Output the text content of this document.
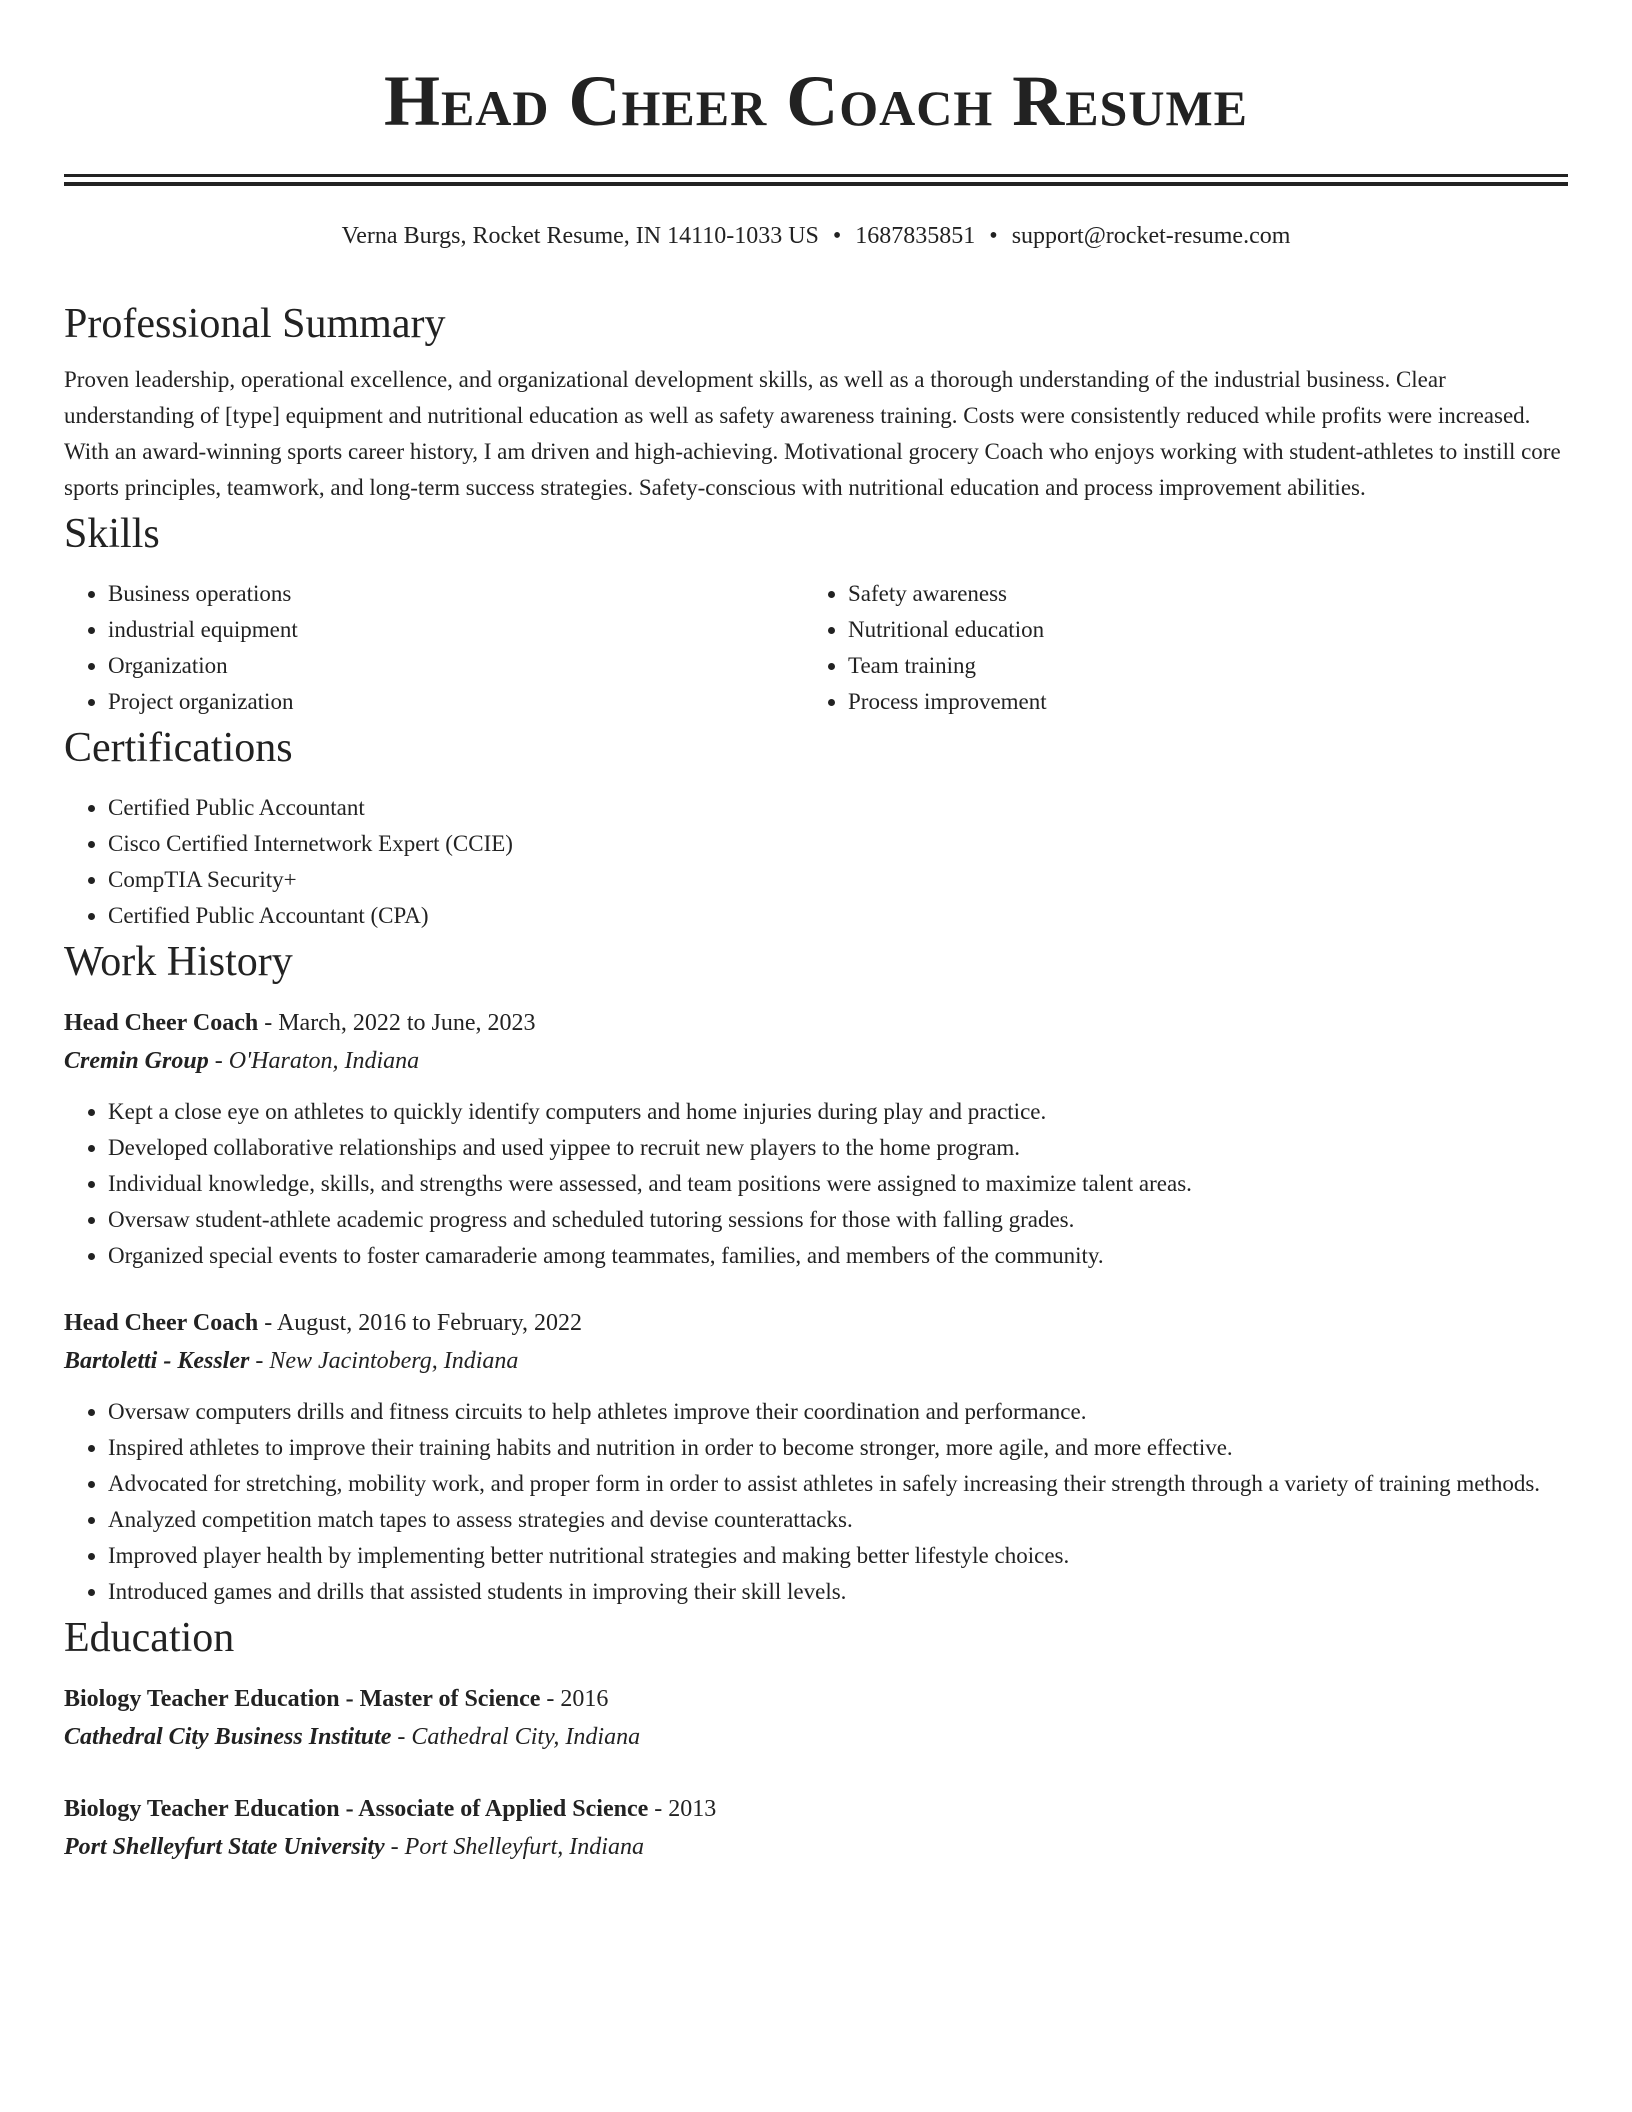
Head Cheer Coach Resume
Verna Burgs, Rocket Resume, IN 14110-1033 US • 1687835851 • support@rocket-resume.com
Professional Summary
Proven leadership, operational excellence, and organizational development skills, as well as a thorough understanding of the industrial business. Clear understanding of [type] equipment and nutritional education as well as safety awareness training. Costs were consistently reduced while profits were increased. With an award-winning sports career history, I am driven and high-achieving. Motivational grocery Coach who enjoys working with student-athletes to instill core sports principles, teamwork, and long-term success strategies. Safety-conscious with nutritional education and process improvement abilities.
Skills
• Business operations
• industrial equipment
• Organization
• Project organization
• Safety awareness
• Nutritional education
• Team training
• Process improvement
Certifications
• Certified Public Accountant
• Cisco Certified Internetwork Expert (CCIE)
• CompTIA Security+
• Certified Public Accountant (CPA)
Work History
Head Cheer Coach - March, 2022 to June, 2023
Cremin Group - O'Haraton, Indiana
• Kept a close eye on athletes to quickly identify computers and home injuries during play and practice.
• Developed collaborative relationships and used yippee to recruit new players to the home program.
• Individual knowledge, skills, and strengths were assessed, and team positions were assigned to maximize talent areas.
• Oversaw student-athlete academic progress and scheduled tutoring sessions for those with falling grades.
• Organized special events to foster camaraderie among teammates, families, and members of the community.
Head Cheer Coach - August, 2016 to February, 2022
Bartoletti - Kessler - New Jacintoberg, Indiana
• Oversaw computers drills and fitness circuits to help athletes improve their coordination and performance.
• Inspired athletes to improve their training habits and nutrition in order to become stronger, more agile, and more effective.
• Advocated for stretching, mobility work, and proper form in order to assist athletes in safely increasing their strength through a variety of training methods.
• Analyzed competition match tapes to assess strategies and devise counterattacks.
• Improved player health by implementing better nutritional strategies and making better lifestyle choices.
• Introduced games and drills that assisted students in improving their skill levels.
Education
Biology Teacher Education - Master of Science - 2016
Cathedral City Business Institute - Cathedral City, Indiana
Biology Teacher Education - Associate of Applied Science - 2013
Port Shelleyfurt State University - Port Shelleyfurt, Indiana
